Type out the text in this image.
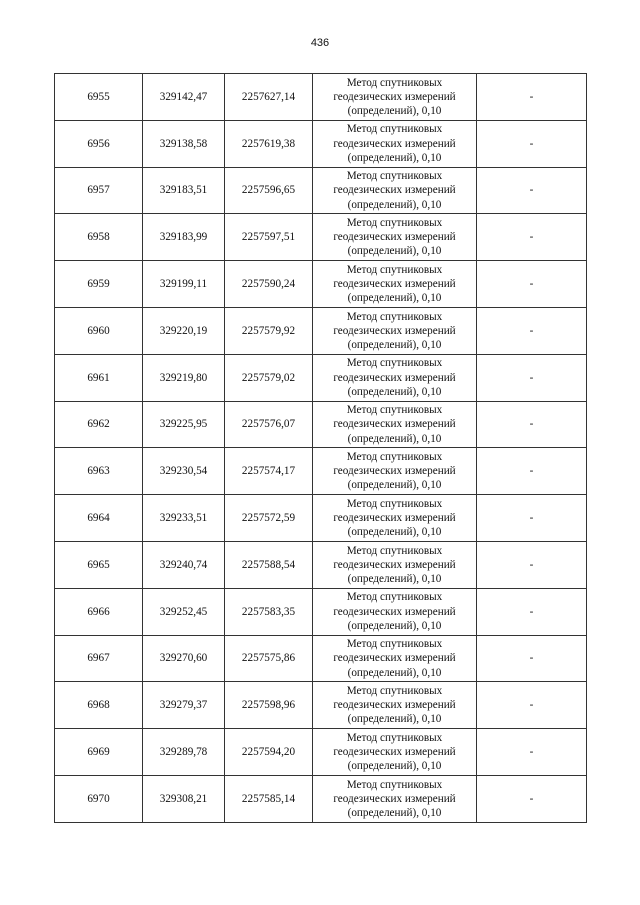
436
6955	329142,47	2257627,14	Метод спутниковых
геодезических измерений
(определений), 0,10	-
6956	329138,58	2257619,38	Метод спутниковых
геодезических измерений
(определений), 0,10	-
6957	329183,51	2257596,65	Метод спутниковых
геодезических измерений
(определений), 0,10	-
6958	329183,99	2257597,51	Метод спутниковых
геодезических измерений
(определений), 0,10	-
6959	329199,11	2257590,24	Метод спутниковых
геодезических измерений
(определений), 0,10	-
6960	329220,19	2257579,92	Метод спутниковых
геодезических измерений
(определений), 0,10	-
6961	329219,80	2257579,02	Метод спутниковых
геодезических измерений
(определений), 0,10	-
6962	329225,95	2257576,07	Метод спутниковых
геодезических измерений
(определений), 0,10	-
6963	329230,54	2257574,17	Метод спутниковых
геодезических измерений
(определений), 0,10	-
6964	329233,51	2257572,59	Метод спутниковых
геодезических измерений
(определений), 0,10	-
6965	329240,74	2257588,54	Метод спутниковых
геодезических измерений
(определений), 0,10	-
6966	329252,45	2257583,35	Метод спутниковых
геодезических измерений
(определений), 0,10	-
6967	329270,60	2257575,86	Метод спутниковых
геодезических измерений
(определений), 0,10	-
6968	329279,37	2257598,96	Метод спутниковых
геодезических измерений
(определений), 0,10	-
6969	329289,78	2257594,20	Метод спутниковых
геодезических измерений
(определений), 0,10	-
6970	329308,21	2257585,14	Метод спутниковых
геодезических измерений
(определений), 0,10	-
